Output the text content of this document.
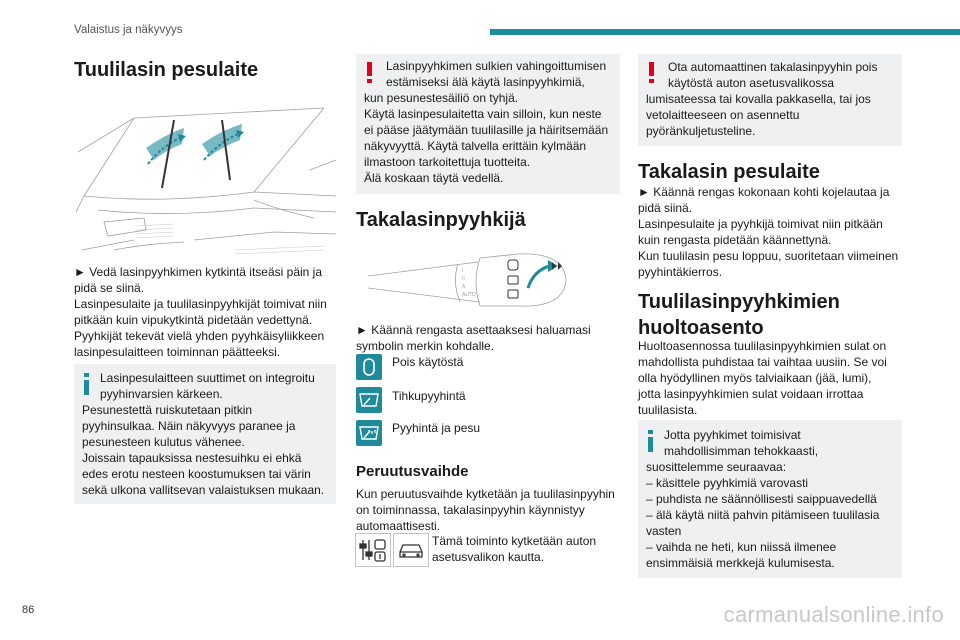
Valaistus ja näkyvyys
Tuulilasin pesulaite
► Vedä lasinpyyhkimen kytkintä itseäsi päin ja
pidä se siinä.
Lasinpesulaite ja tuulilasinpyyhkijät toimivat niin
pitkään kuin vipukytkintä pidetään vedettynä.
Pyyhkijät tekevät vielä yhden pyyhkäisyliikkeen
lasinpesulaitteen toiminnan päätteeksi.
Lasinpesulaitteen suuttimet on integroitu
pyyhinvarsien kärkeen.
Pesunestettä ruiskutetaan pitkin
pyyhinsulkaa. Näin näkyvyys paranee ja
pesunesteen kulutus vähenee.
Joissain tapauksissa nestesuihku ei ehkä
edes erotu nesteen koostumuksen tai värin
sekä ulkona vallitsevan valaistuksen mukaan.
Lasinpyyhkimen sulkien vahingoittumisen
estämiseksi älä käytä lasinpyyhkimiä,
kun pesunestesäiliö on tyhjä.
Käytä lasinpesulaitetta vain silloin, kun neste
ei pääse jäätymään tuulilasille ja häiritsemään
näkyvyyttä. Käytä talvella erittäin kylmään
ilmastoon tarkoitettuja tuotteita.
Älä koskaan täytä vedellä.
Takalasinpyyhkijä
I
II
A
AUTO
► Käännä rengasta asettaaksesi haluamasi
symbolin merkin kohdalle.
Pois käytöstä
Tihkupyyhintä
Pyyhintä ja pesu
Peruutusvaihde
Kun peruutusvaihde kytketään ja tuulilasinpyyhin
on toiminnassa, takalasinpyyhin käynnistyy
automaattisesti.
Tämä toiminto kytketään auton
asetusvalikon kautta.
Ota automaattinen takalasinpyyhin pois
käytöstä auton asetusvalikossa
lumisateessa tai kovalla pakkasella, tai jos
vetolaitteeseen on asennettu
pyöränkuljetusteline.
Takalasin pesulaite
► Käännä rengas kokonaan kohti kojelautaa ja
pidä siinä.
Lasinpesulaite ja pyyhkijä toimivat niin pitkään
kuin rengasta pidetään käännettynä.
Kun tuulilasin pesu loppuu, suoritetaan viimeinen
pyyhintäkierros.
Tuulilasinpyyhkimien
huoltoasento
Huoltoasennossa tuulilasinpyyhkimien sulat on
mahdollista puhdistaa tai vaihtaa uusiin. Se voi
olla hyödyllinen myös talviaikaan (jää, lumi),
jotta lasinpyyhkimien sulat voidaan irrottaa
tuulilasista.
Jotta pyyhkimet toimisivat
mahdollisimman tehokkaasti,
suosittelemme seuraavaa:
– käsittele pyyhkimiä varovasti
– puhdista ne säännöllisesti saippuavedellä
– älä käytä niitä pahvin pitämiseen tuulilasia
vasten
– vaihda ne heti, kun niissä ilmenee
ensimmäisiä merkkejä kulumisesta.
86	carmanualsonline.info
